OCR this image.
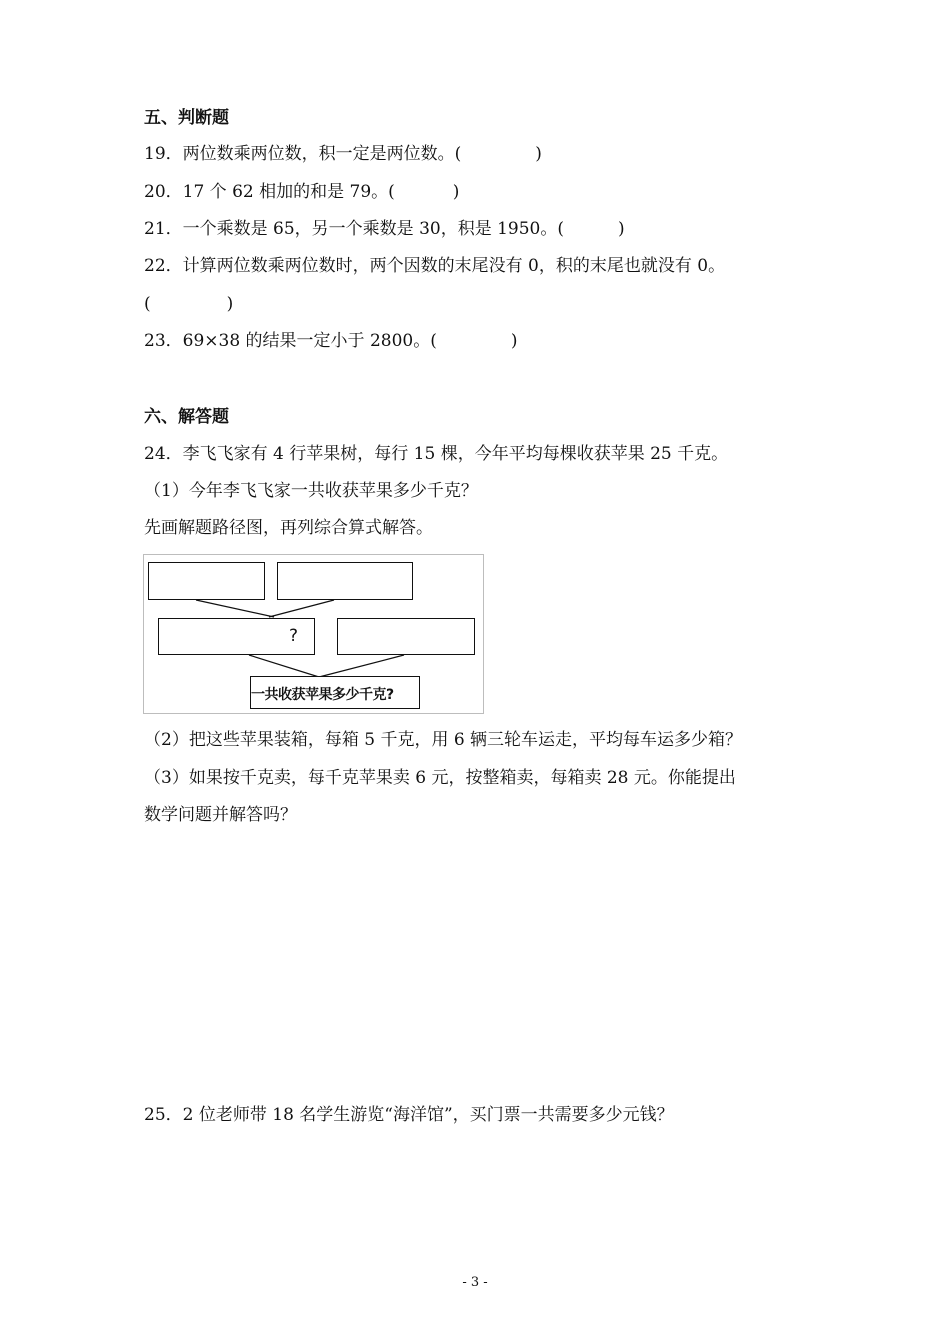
五、判断题
19．两位数乘两位数，积一定是两位数。(	)
20．17 个 62 相加的和是 79。(	)
21．一个乘数是 65，另一个乘数是 30，积是 1950。(	)
22．计算两位数乘两位数时，两个因数的末尾没有 0，积的末尾也就没有 0。
(	)
23．69×38 的结果一定小于 2800。(	)
六、解答题
24．李飞飞家有 4 行苹果树，每行 15 棵，今年平均每棵收获苹果 25 千克。
（1）今年李飞飞家一共收获苹果多少千克？
先画解题路径图，再列综合算式解答。
?
一共收获苹果多少千克?
（2）把这些苹果装箱，每箱 5 千克，用 6 辆三轮车运走，平均每车运多少箱？
（3）如果按千克卖，每千克苹果卖 6 元，按整箱卖，每箱卖 28 元。你能提出
数学问题并解答吗？
25．2 位老师带 18 名学生游览“海洋馆”，买门票一共需要多少元钱？
- 3 -
